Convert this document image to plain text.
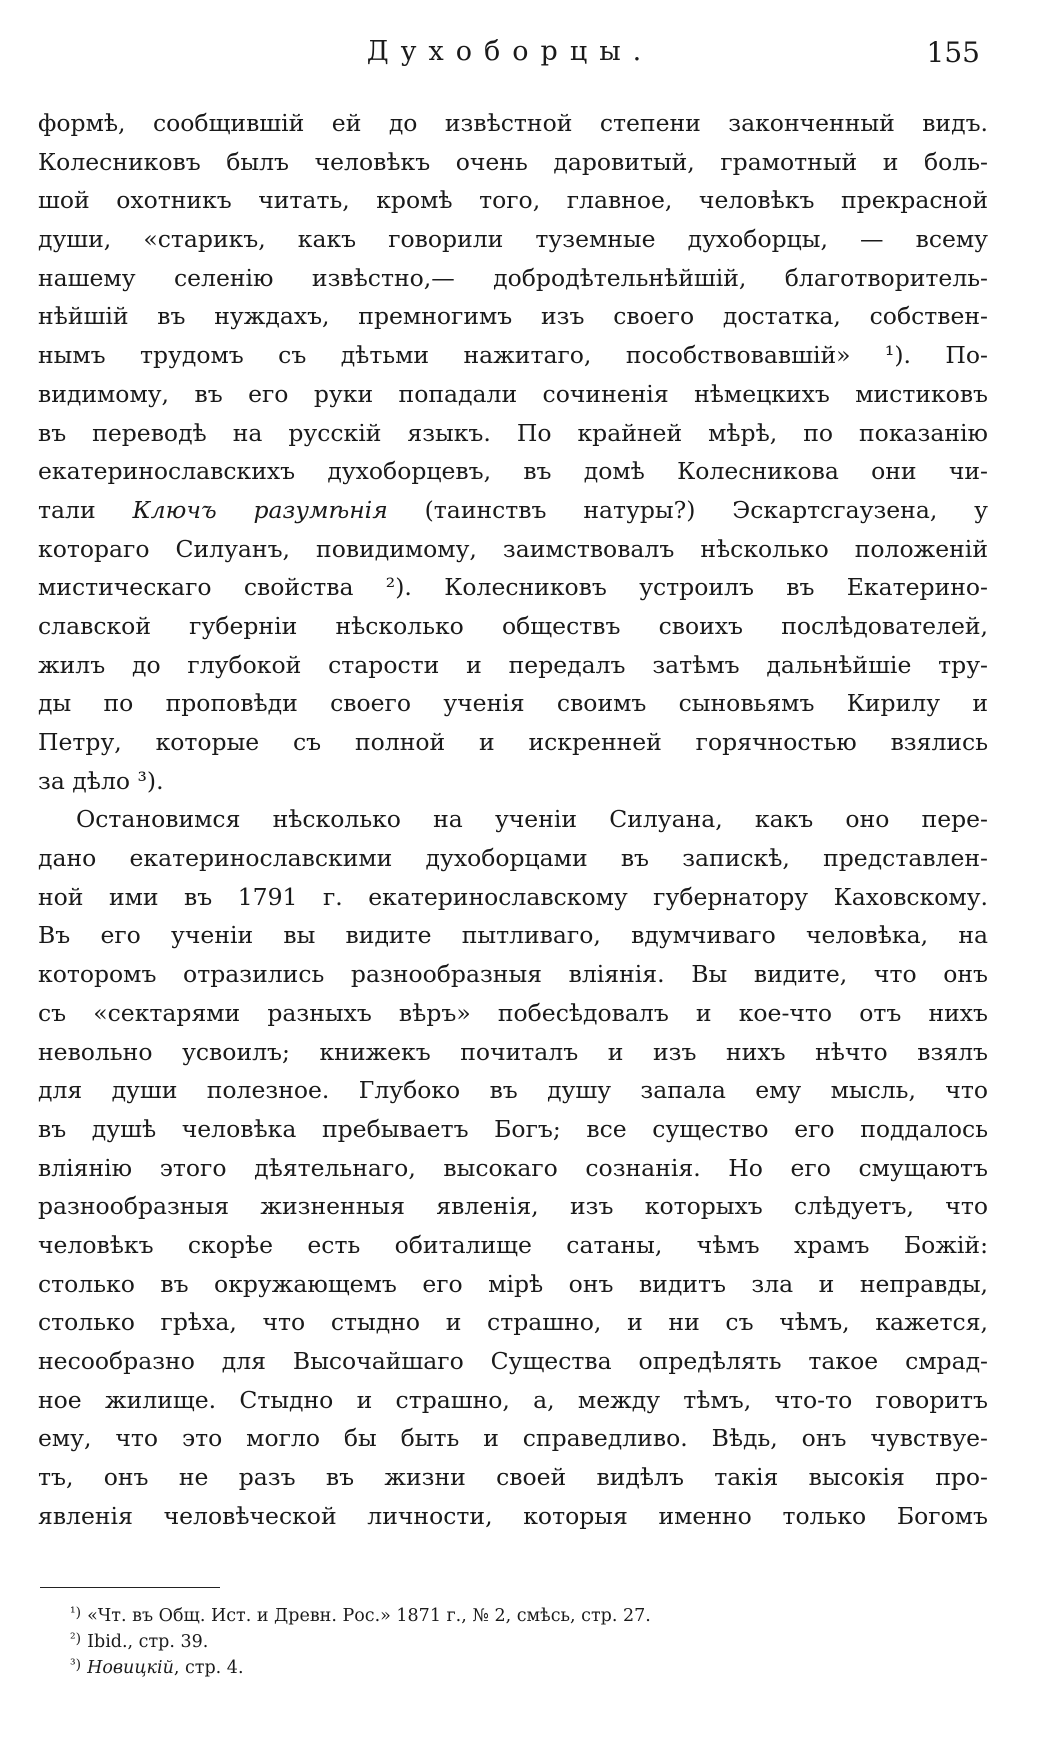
Духоборцы.	155
формѣ, сообщившій ей до извѣстной степени законченный видъ.
Колесниковъ былъ человѣкъ очень даровитый, грамотный и боль-
шой охотникъ читать, кромѣ того, главное, человѣкъ прекрасной
души, «старикъ, какъ говорили туземные духоборцы, — всему
нашему селенію извѣстно,— добродѣтельнѣйшій, благотворитель-
нѣйшій въ нуждахъ, премногимъ изъ своего достатка, собствен-
нымъ трудомъ съ дѣтьми нажитаго, пособствовавшій» ¹). По-
видимому, въ его руки попадали сочиненія нѣмецкихъ мистиковъ
въ переводѣ на русскій языкъ. По крайней мѣрѣ, по показанію
екатеринославскихъ духоборцевъ, въ домѣ Колесникова они чи-
тали Ключъ разумѣнія (таинствъ натуры?) Эскартсгаузена, у
котораго Силуанъ, повидимому, заимствовалъ нѣсколько положеній
мистическаго свойства ²). Колесниковъ устроилъ въ Екатерино-
славской губерніи нѣсколько обществъ своихъ послѣдователей,
жилъ до глубокой старости и передалъ затѣмъ дальнѣйшіе тру-
ды по проповѣди своего ученія своимъ сыновьямъ Кирилу и
Петру, которые съ полной и искренней горячностью взялись
за дѣло ³).
Остановимся нѣсколько на ученіи Силуана, какъ оно пере-
дано екатеринославскими духоборцами въ запискѣ, представлен-
ной ими въ 1791 г. екатеринославскому губернатору Каховскому.
Въ его ученіи вы видите пытливаго, вдумчиваго человѣка, на
которомъ отразились разнообразныя вліянія. Вы видите, что онъ
съ «сектарями разныхъ вѣръ» побесѣдовалъ и кое-что отъ нихъ
невольно усвоилъ; книжекъ почиталъ и изъ нихъ нѣчто взялъ
для души полезное. Глубоко въ душу запала ему мысль, что
въ душѣ человѣка пребываетъ Богъ; все существо его поддалось
вліянію этого дѣятельнаго, высокаго сознанія. Но его смущаютъ
разнообразныя жизненныя явленія, изъ которыхъ слѣдуетъ, что
человѣкъ скорѣе есть обиталище сатаны, чѣмъ храмъ Божій:
столько въ окружающемъ его мірѣ онъ видитъ зла и неправды,
столько грѣха, что стыдно и страшно, и ни съ чѣмъ, кажется,
несообразно для Высочайшаго Существа опредѣлять такое смрад-
ное жилище. Стыдно и страшно, а, между тѣмъ, что-то говоритъ
ему, что это могло бы быть и справедливо. Вѣдь, онъ чувствуе-
тъ, онъ не разъ въ жизни своей видѣлъ такія высокія про-
явленія человѣческой личности, которыя именно только Богомъ
$^{^1)}$ «Чт. въ Общ. Ист. и Древн. Рос.» 1871 г., № 2, смѣсь, стр. 27.
$^{^2)}$ Ibid., стр. 39.
$^{^3)}$ Новицкій, стр. 4.
